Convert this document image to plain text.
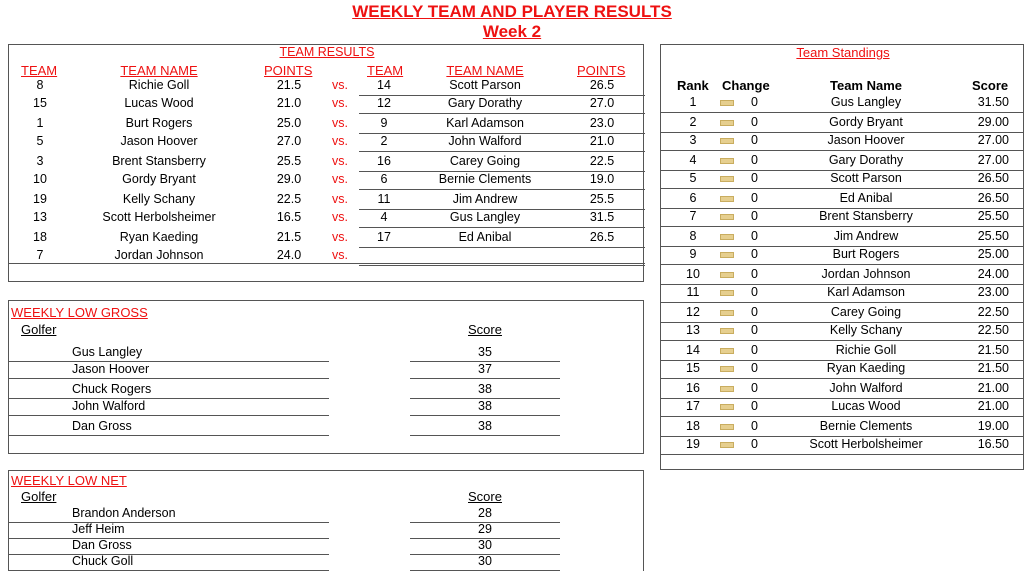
WEEKLY TEAM AND PLAYER RESULTS
Week 2
TEAM RESULTS
TEAM	TEAM NAME	POINTS	TEAM	TEAM NAME	POINTS
8	Richie Goll	21.5	vs.	14	Scott Parson	26.5
15	Lucas Wood	21.0	vs.	12	Gary Dorathy	27.0
1	Burt Rogers	25.0	vs.	9	Karl Adamson	23.0
5	Jason Hoover	27.0	vs.	2	John Walford	21.0
3	Brent Stansberry	25.5	vs.	16	Carey Going	22.5
10	Gordy Bryant	29.0	vs.	6	Bernie Clements	19.0
19	Kelly Schany	22.5	vs.	11	Jim Andrew	25.5
13	Scott Herbolsheimer	16.5	vs.	4	Gus Langley	31.5
18	Ryan Kaeding	21.5	vs.	17	Ed Anibal	26.5
7	Jordan Johnson	24.0	vs.
WEEKLY LOW GROSS
Golfer	Score
Gus Langley	35
Jason Hoover	37
Chuck Rogers	38
John Walford	38
Dan Gross	38
WEEKLY LOW NET
Golfer	Score
Brandon Anderson	28
Jeff Heim	29
Dan Gross	30
Chuck Goll	30
Team Standings
Rank Change	Team Name	Score
1	0	Gus Langley	31.50
2	0	Gordy Bryant	29.00
3	0	Jason Hoover	27.00
4	0	Gary Dorathy	27.00
5	0	Scott Parson	26.50
6	0	Ed Anibal	26.50
7	0	Brent Stansberry	25.50
8	0	Jim Andrew	25.50
9	0	Burt Rogers	25.00
10	0	Jordan Johnson	24.00
11	0	Karl Adamson	23.00
12	0	Carey Going	22.50
13	0	Kelly Schany	22.50
14	0	Richie Goll	21.50
15	0	Ryan Kaeding	21.50
16	0	John Walford	21.00
17	0	Lucas Wood	21.00
18	0	Bernie Clements	19.00
19	0	Scott Herbolsheimer	16.50
